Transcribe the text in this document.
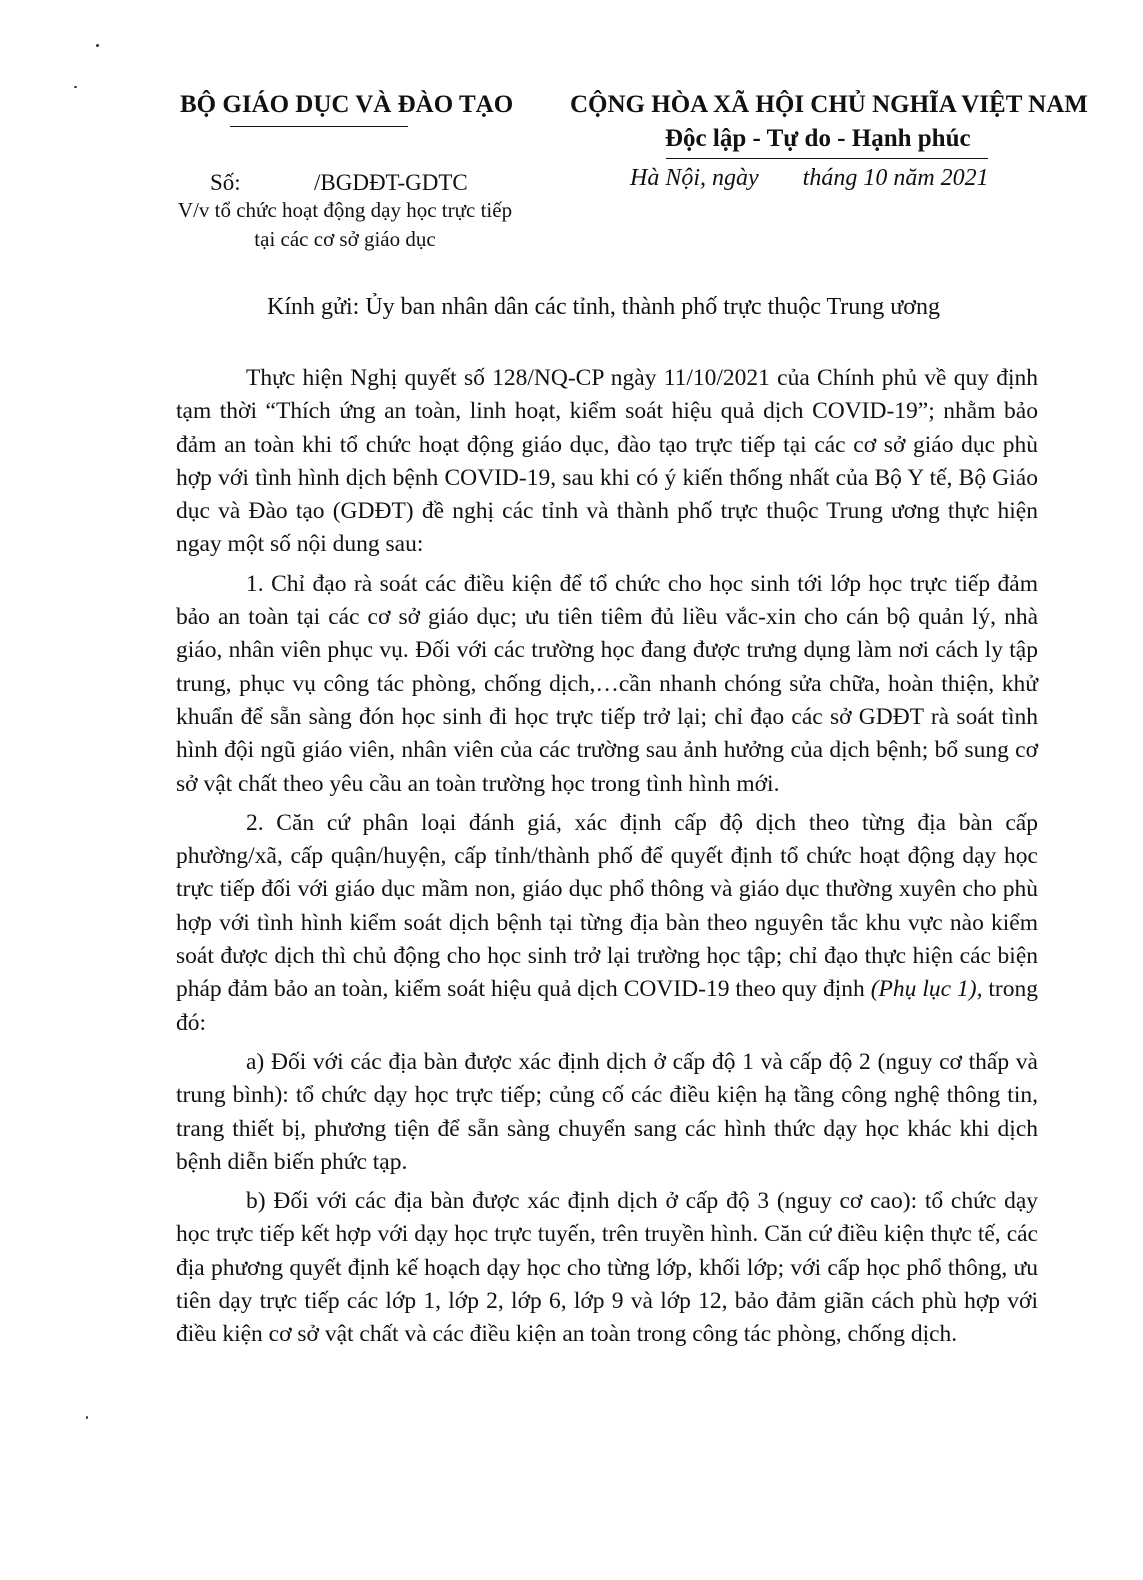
BỘ GIÁO DỤC VÀ ĐÀO TẠO CỘNG HÒA XÃ HỘI CHỦ NGHĨA VIỆT NAM
Độc lập - Tự do - Hạnh phúc
Số:	/BGDĐT-GDTC	Hà Nội, ngày tháng 10 năm 2021
V/v tổ chức hoạt động dạy học trực tiếp
tại các cơ sở giáo dục
Kính gửi: Ủy ban nhân dân các tỉnh, thành phố trực thuộc Trung ương

Thực hiện Nghị quyết số 128/NQ-CP ngày 11/10/2021 của Chính phủ về quy định tạm thời “Thích ứng an toàn, linh hoạt, kiểm soát hiệu quả dịch COVID-19”; nhằm bảo đảm an toàn khi tổ chức hoạt động giáo dục, đào tạo trực tiếp tại các cơ sở giáo dục phù hợp với tình hình dịch bệnh COVID-19, sau khi có ý kiến thống nhất của Bộ Y tế, Bộ Giáo dục và Đào tạo (GDĐT) đề nghị các tỉnh và thành phố trực thuộc Trung ương thực hiện ngay một số nội dung sau:

1. Chỉ đạo rà soát các điều kiện để tổ chức cho học sinh tới lớp học trực tiếp đảm bảo an toàn tại các cơ sở giáo dục; ưu tiên tiêm đủ liều vắc-xin cho cán bộ quản lý, nhà giáo, nhân viên phục vụ. Đối với các trường học đang được trưng dụng làm nơi cách ly tập trung, phục vụ công tác phòng, chống dịch,…cần nhanh chóng sửa chữa, hoàn thiện, khử khuẩn để sẵn sàng đón học sinh đi học trực tiếp trở lại; chỉ đạo các sở GDĐT rà soát tình hình đội ngũ giáo viên, nhân viên của các trường sau ảnh hưởng của dịch bệnh; bổ sung cơ sở vật chất theo yêu cầu an toàn trường học trong tình hình mới.

2. Căn cứ phân loại đánh giá, xác định cấp độ dịch theo từng địa bàn cấp phường/xã, cấp quận/huyện, cấp tỉnh/thành phố để quyết định tổ chức hoạt động dạy học trực tiếp đối với giáo dục mầm non, giáo dục phổ thông và giáo dục thường xuyên cho phù hợp với tình hình kiểm soát dịch bệnh tại từng địa bàn theo nguyên tắc khu vực nào kiểm soát được dịch thì chủ động cho học sinh trở lại trường học tập; chỉ đạo thực hiện các biện pháp đảm bảo an toàn, kiểm soát hiệu quả dịch COVID-19 theo quy định (Phụ lục 1), trong đó:

a) Đối với các địa bàn được xác định dịch ở cấp độ 1 và cấp độ 2 (nguy cơ thấp và trung bình): tổ chức dạy học trực tiếp; củng cố các điều kiện hạ tầng công nghệ thông tin, trang thiết bị, phương tiện để sẵn sàng chuyển sang các hình thức dạy học khác khi dịch bệnh diễn biến phức tạp.

b) Đối với các địa bàn được xác định dịch ở cấp độ 3 (nguy cơ cao): tổ chức dạy học trực tiếp kết hợp với dạy học trực tuyến, trên truyền hình. Căn cứ điều kiện thực tế, các địa phương quyết định kế hoạch dạy học cho từng lớp, khối lớp; với cấp học phổ thông, ưu tiên dạy trực tiếp các lớp 1, lớp 2, lớp 6, lớp 9 và lớp 12, bảo đảm giãn cách phù hợp với điều kiện cơ sở vật chất và các điều kiện an toàn trong công tác phòng, chống dịch.
